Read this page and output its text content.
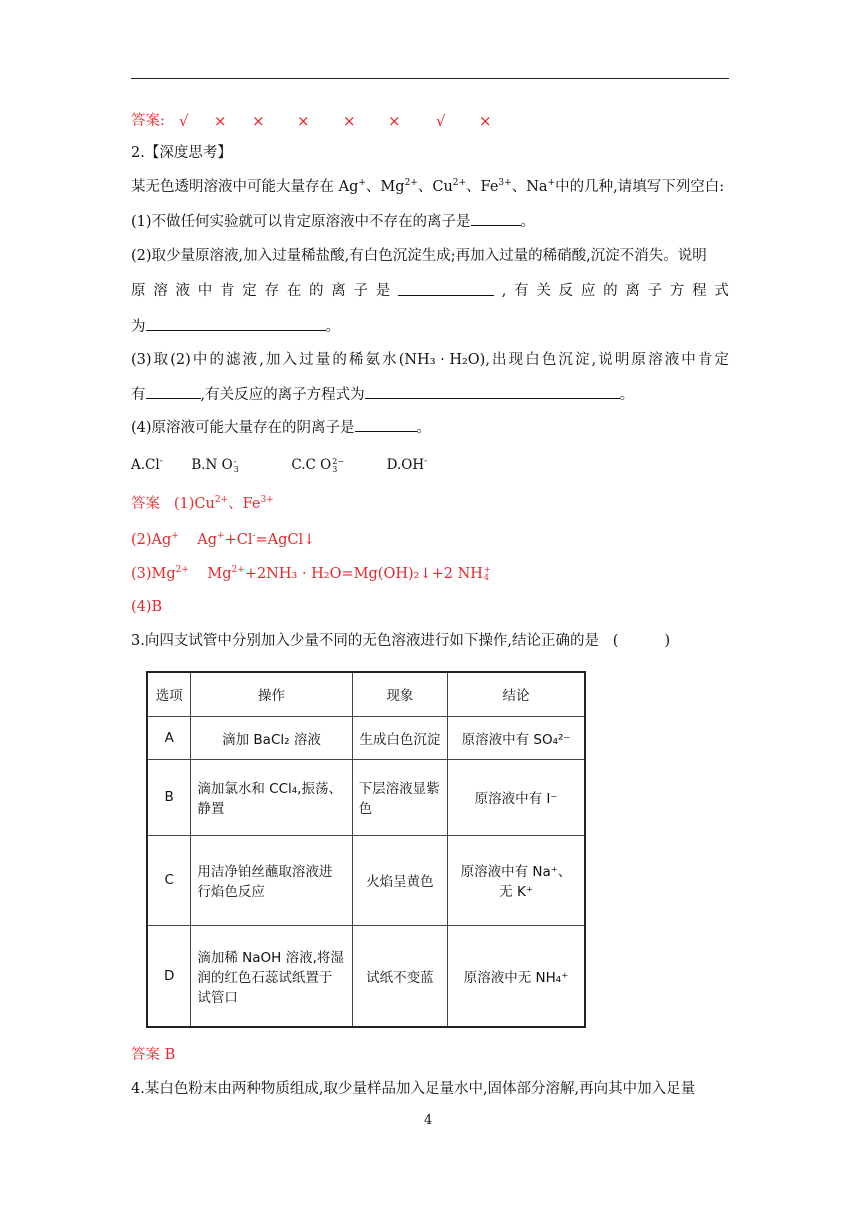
答案: √ × × × × × √ ×
2.【深度思考】
某无色透明溶液中可能大量存在 Ag+、$Mg^{2+}$、$Cu^{2+}$、$Fe^{3+}$、Na+中的几种,请填写下列空白:
(1)不做任何实验就可以肯定原溶液中不存在的离子是	。
(2)取少量原溶液,加入过量稀盐酸,有白色沉淀生成;再加入过量的稀硝酸,沉淀不消失。说明
原 溶 液 中 肯 定 存 在 的 离 子 是	, 有 关 反 应 的 离 子 方 程 式
为	。
(3) 取 (2) 中 的 滤 液 , 加 入 过 量 的 稀 氨 水 (NH₃ · H₂O), 出 现 白 色 沉 淀 , 说 明 原 溶 液 中 肯 定
有	,有关反应的离子方程式为	。
(4)原溶液可能大量存在的阴离子是	。
A.Cl- B.N O -
3	C.C O 2−
3	D.OH-
答案 $(1)Cu^{2+}$、$Fe^{3+}$
(2)Ag+ Ag++Cl-=AgCl↓
$(3)Mg^{2+}$ $Mg^{2+}+2NH_3$ · H₂O=Mg(OH)₂↓+2 NH +
4
(4)B
3.向四支试管中分别加入少量不同的无色溶液进行如下操作,结论正确的是 (          )
选项	操作	现象	结论
A	滴加 BaCl₂ 溶液	生成白色沉淀	原溶液中有 SO₄²⁻
B	滴加氯水和 CCl₄,振荡、静置	下层溶液显紫色	原溶液中有 I⁻
C	用洁净铂丝蘸取溶液进行焰色反应	火焰呈黄色	原溶液中有 Na⁺、无 K⁺
D	滴加稀 NaOH 溶液,将湿润的红色石蕊试纸置于试管口	试纸不变蓝	原溶液中无 NH₄⁺
答案 B
4.某白色粉末由两种物质组成,取少量样品加入足量水中,固体部分溶解,再向其中加入足量
4
